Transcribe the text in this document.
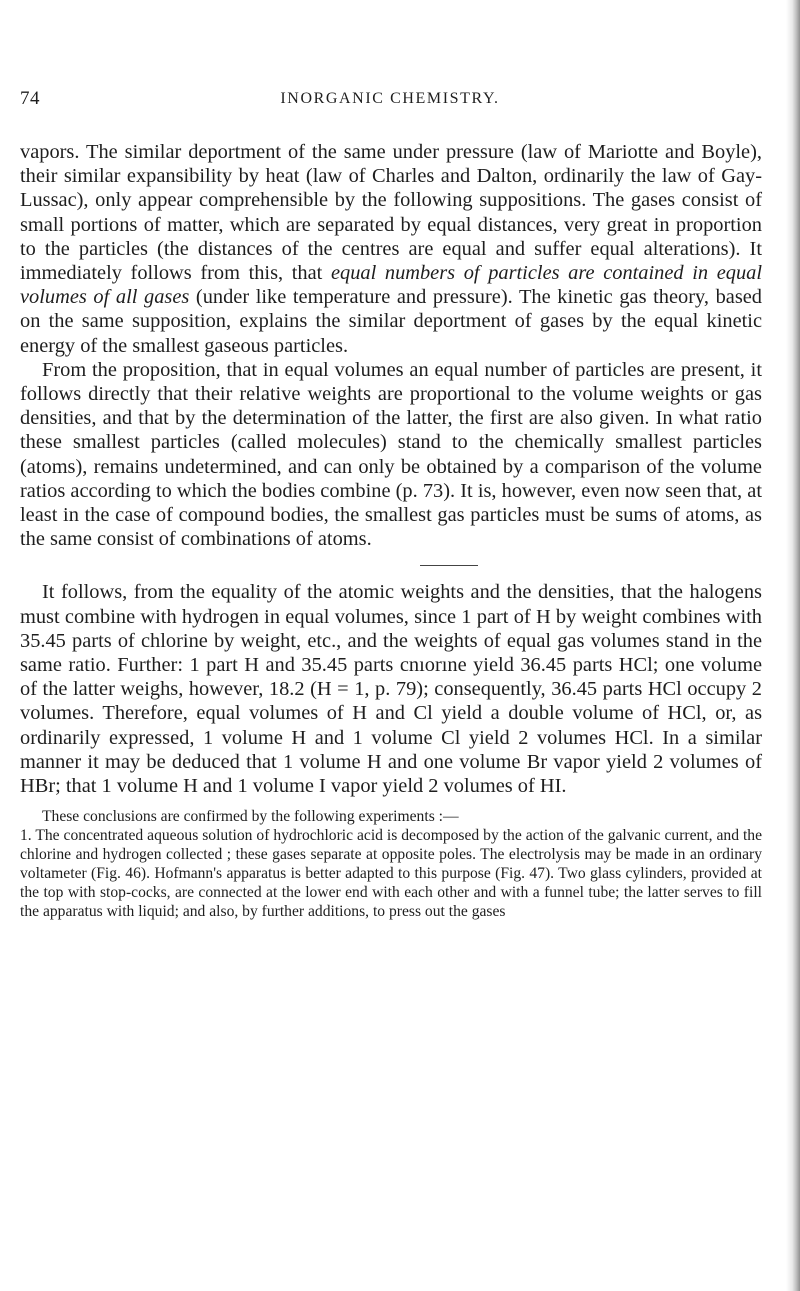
74	INORGANIC CHEMISTRY.

vapors. The similar deportment of the same under pressure (law of Mariotte and Boyle), their similar expansibility by heat (law of Charles and Dalton, ordinarily the law of Gay-Lussac), only appear comprehensible by the following suppositions. The gases consist of small portions of matter, which are separated by equal distances, very great in proportion to the particles (the distances of the centres are equal and suffer equal alterations). It immediately follows from this, that equal numbers of particles are contained in equal volumes of all gases (under like temperature and pressure). The kinetic gas theory, based on the same supposition, explains the similar deportment of gases by the equal kinetic energy of the smallest gaseous particles.

From the proposition, that in equal volumes an equal number of particles are present, it follows directly that their relative weights are proportional to the volume weights or gas densities, and that by the determination of the latter, the first are also given. In what ratio these smallest particles (called molecules) stand to the chemically smallest particles (atoms), remains undetermined, and can only be obtained by a comparison of the volume ratios according to which the bodies combine (p. 73). It is, however, even now seen that, at least in the case of compound bodies, the smallest gas particles must be sums of atoms, as the same consist of combinations of atoms.

It follows, from the equality of the atomic weights and the densities, that the halogens must combine with hydrogen in equal volumes, since 1 part of H by weight combines with 35.45 parts of chlorine by weight, etc., and the weights of equal gas volumes stand in the same ratio. Further: 1 part H and 35.45 parts cnıorıne yield 36.45 parts HCl; one volume of the latter weighs, however, 18.2 (H = 1, p. 79); consequently, 36.45 parts HCl occupy 2 volumes. Therefore, equal volumes of H and Cl yield a double volume of HCl, or, as ordinarily expressed, 1 volume H and 1 volume Cl yield 2 volumes HCl. In a similar manner it may be deduced that 1 volume H and one volume Br vapor yield 2 volumes of HBr; that 1 volume H and 1 volume I vapor yield 2 volumes of HI.

These conclusions are confirmed by the following experiments :—

1. The concentrated aqueous solution of hydrochloric acid is decomposed by the action of the galvanic current, and the chlorine and hydrogen collected ; these gases separate at opposite poles. The electrolysis may be made in an ordinary voltameter (Fig. 46). Hofmann's apparatus is better adapted to this purpose (Fig. 47). Two glass cylinders, provided at the top with stop-cocks, are connected at the lower end with each other and with a funnel tube; the latter serves to fill the apparatus with liquid; and also, by further additions, to press out the gases
